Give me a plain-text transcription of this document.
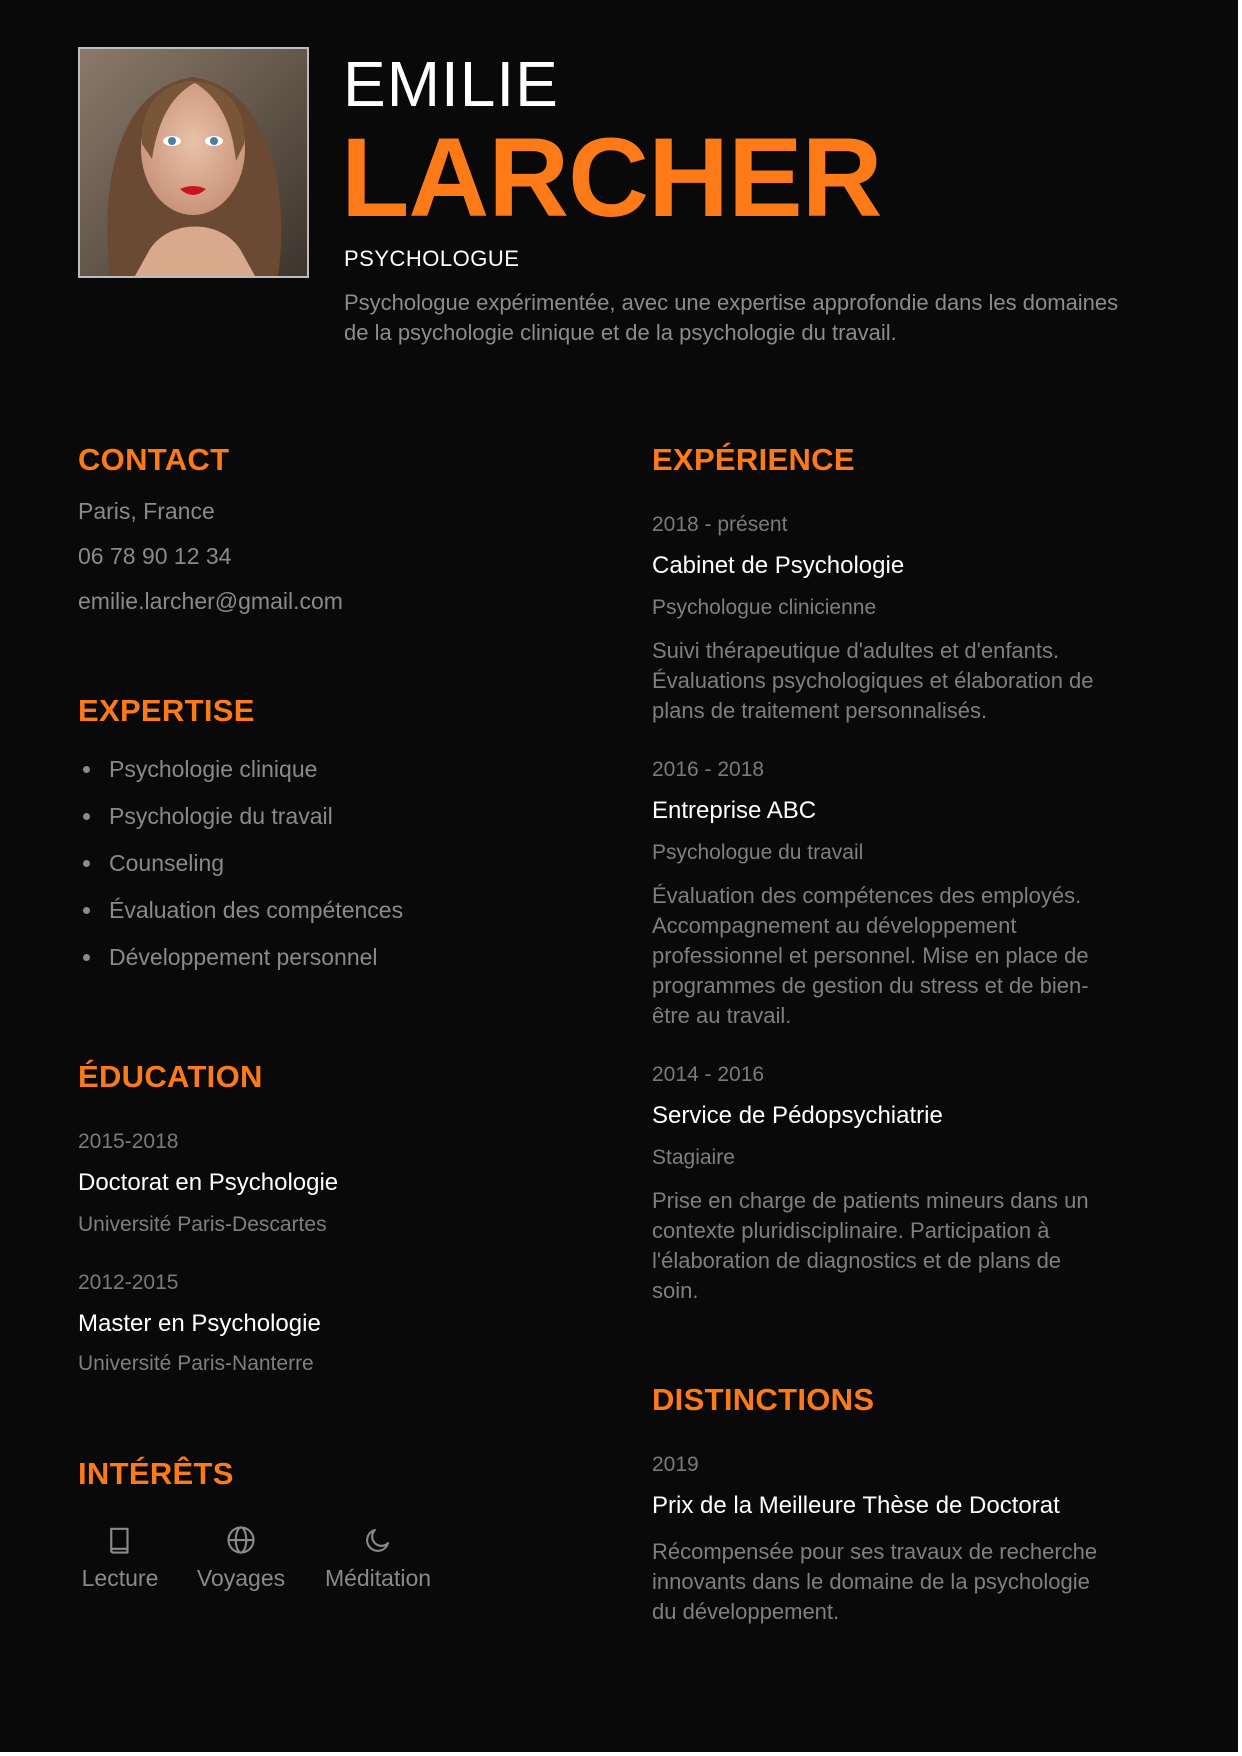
EMILIE
LARCHER
PSYCHOLOGUE
Psychologue expérimentée, avec une expertise approfondie dans les domaines de la psychologie clinique et de la psychologie du travail.
CONTACT
Paris, France
06 78 90 12 34
emilie.larcher@gmail.com
EXPERTISE
Psychologie clinique
Psychologie du travail
Counseling
Évaluation des compétences
Développement personnel
ÉDUCATION
2015-2018
Doctorat en Psychologie
Université Paris-Descartes
2012-2015
Master en Psychologie
Université Paris-Nanterre
INTÉRÊTS
Lecture	Voyages	Méditation
EXPÉRIENCE
2018 - présent
Cabinet de Psychologie
Psychologue clinicienne
Suivi thérapeutique d'adultes et d'enfants.
Évaluations psychologiques et élaboration de
plans de traitement personnalisés.
2016 - 2018
Entreprise ABC
Psychologue du travail
Évaluation des compétences des employés.
Accompagnement au développement
professionnel et personnel. Mise en place de
programmes de gestion du stress et de bien-
être au travail.
2014 - 2016
Service de Pédopsychiatrie
Stagiaire
Prise en charge de patients mineurs dans un
contexte pluridisciplinaire. Participation à
l'élaboration de diagnostics et de plans de
soin.
DISTINCTIONS
2019
Prix de la Meilleure Thèse de Doctorat
Récompensée pour ses travaux de recherche
innovants dans le domaine de la psychologie
du développement.
